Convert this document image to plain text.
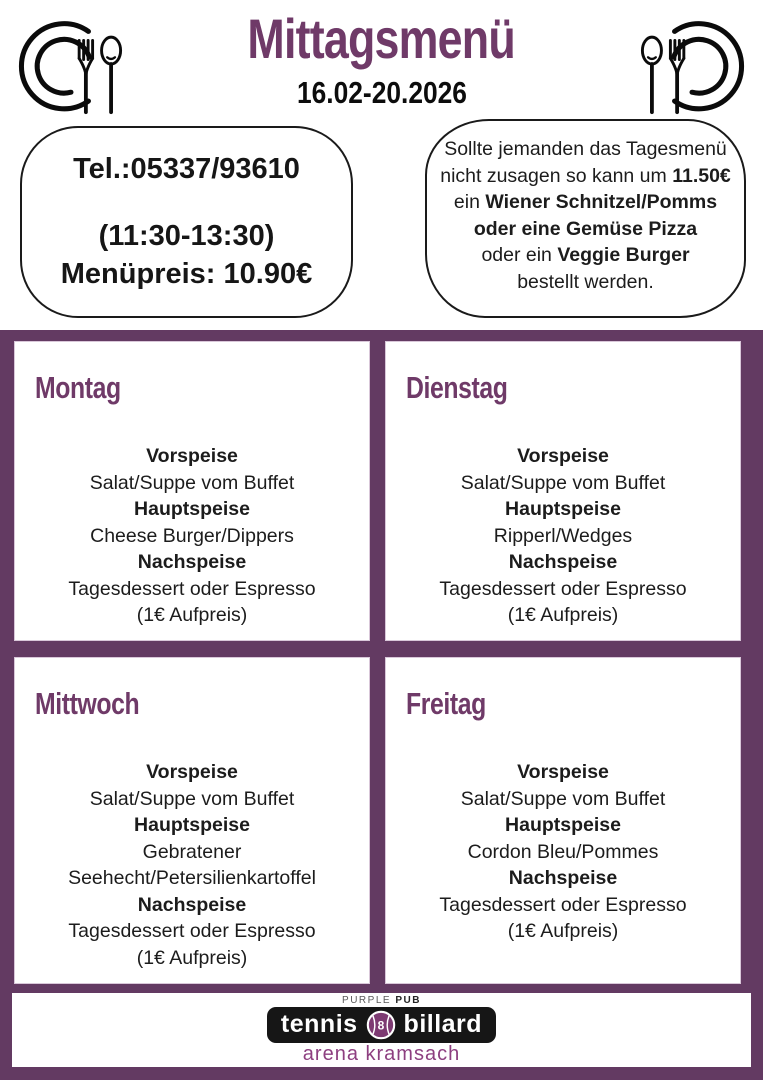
Mittagsmenü
16.02-20.2026
Tel.:05337/93610
(11:30-13:30)
Menüpreis: 10.90€
Sollte jemanden das Tagesmenü
nicht zusagen so kann um 11.50€
ein Wiener Schnitzel/Pomms
oder eine Gemüse Pizza
oder ein Veggie Burger
bestellt werden.
Montag
Vorspeise
Salat/Suppe vom Buffet
Hauptspeise
Cheese Burger/Dippers
Nachspeise
Tagesdessert oder Espresso
(1€ Aufpreis)
Dienstag
Vorspeise
Salat/Suppe vom Buffet
Hauptspeise
Ripperl/Wedges
Nachspeise
Tagesdessert oder Espresso
(1€ Aufpreis)
Mittwoch
Vorspeise
Salat/Suppe vom Buffet
Hauptspeise
Gebratener
Seehecht/Petersilienkartoffel
Nachspeise
Tagesdessert oder Espresso
(1€ Aufpreis)
Freitag
Vorspeise
Salat/Suppe vom Buffet
Hauptspeise
Cordon Bleu/Pommes
Nachspeise
Tagesdessert oder Espresso
(1€ Aufpreis)
PURPLE PUB
tennis 8 billard
arena kramsach
